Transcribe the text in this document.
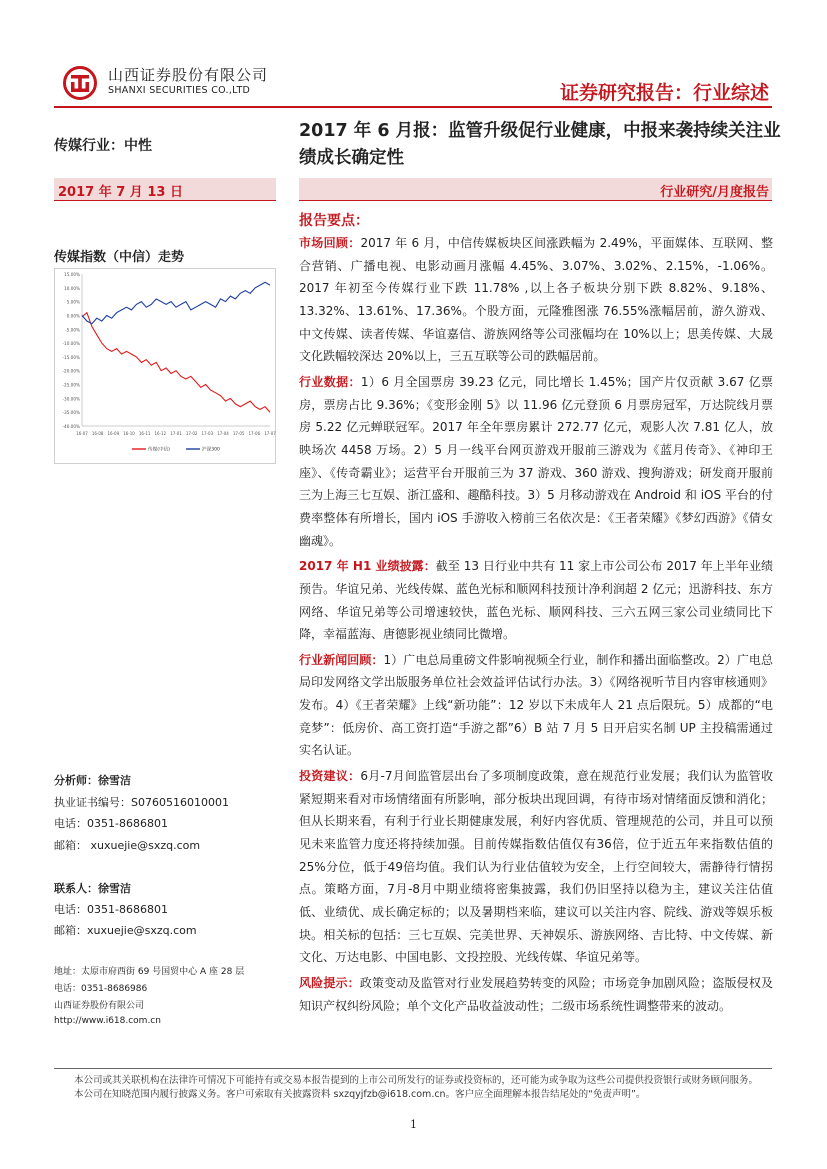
山西证券股份有限公司
SHANXI SECURITIES CO.,LTD	证券研究报告：行业综述
传媒行业：中性
2017 年 7 月 13 日
传媒指数（中信）走势
15.00%
10.00%
5.00%
0.00%
-5.00%
-10.00%
-15.00%
-20.00%
-25.00%
-30.00%
-35.00%
-40.00%
16-07 16-08 16-09 16-10 16-11 16-12 17-01 17-02 17-03 17-04 17-05 17-06 17-07
传媒(中信)	沪深300
分析师：徐雪洁
执业证书编号：S0760516010001
电话：0351-8686801
邮箱： xuxuejie@sxzq.com
联系人：徐雪洁
电话：0351-8686801
邮箱：xuxuejie@sxzq.com
地址：太原市府西街 69 号国贸中心 A 座 28 层
电话：0351-8686986
山西证券股份有限公司
http://www.i618.com.cn
2017 年 6 月报：监管升级促行业健康，中报来袭持续关注业绩成长确定性
行业研究/月度报告
报告要点：

市场回顾：2017 年 6 月，中信传媒板块区间涨跌幅为 2.49%，平面媒体、互联网、整合营销、广播电视、电影动画月涨幅 4.45%、3.07%、3.02%、2.15%，-1.06%。2017 年初至今传媒行业下跌 11.78% ,以上各子板块分别下跌 8.82%、9.18%、13.32%、13.61%、17.36%。个股方面，元隆雅图涨 76.55%涨幅居前，游久游戏、中文传媒、读者传媒、华谊嘉信、游族网络等公司涨幅均在 10%以上；思美传媒、大晟文化跌幅较深达 20%以上，三五互联等公司的跌幅居前。

行业数据：1）6 月全国票房 39.23 亿元，同比增长 1.45%；国产片仅贡献 3.67 亿票房，票房占比 9.36%；《变形金刚 5》以 11.96 亿元登顶 6 月票房冠军，万达院线月票房 5.22 亿元蝉联冠军。2017 年全年票房累计 272.77 亿元，观影人次 7.81 亿人，放映场次 4458 万场。2）5 月一线平台网页游戏开服前三游戏为《蓝月传奇》、《神印王座》、《传奇霸业》；运营平台开服前三为 37 游戏、360 游戏、搜狗游戏；研发商开服前三为上海三七互娱、浙江盛和、趣酷科技。3）5 月移动游戏在 Android 和 iOS 平台的付费率整体有所增长，国内 iOS 手游收入榜前三名依次是：《王者荣耀》《梦幻西游》《倩女幽魂》。

2017 年 H1 业绩披露：截至 13 日行业中共有 11 家上市公司公布 2017 年上半年业绩预告。华谊兄弟、光线传媒、蓝色光标和顺网科技预计净利润超 2 亿元；迅游科技、东方网络、华谊兄弟等公司增速较快，蓝色光标、顺网科技、三六五网三家公司业绩同比下降，幸福蓝海、唐德影视业绩同比微增。

行业新闻回顾：1）广电总局重磅文件影响视频全行业，制作和播出面临整改。2）广电总局印发网络文学出版服务单位社会效益评估试行办法。3）《网络视听节目内容审核通则》发布。4）《王者荣耀》上线“新功能”：12 岁以下未成年人 21 点后限玩。5）成都的“电竞梦”：低房价、高工资打造“手游之都”6）B 站 7 月 5 日开启实名制 UP 主投稿需通过实名认证。

投资建议：6月-7月间监管层出台了多项制度政策，意在规范行业发展；我们认为监管收紧短期来看对市场情绪面有所影响，部分板块出现回调，有待市场对情绪面反馈和消化；但从长期来看，有利于行业长期健康发展，利好内容优质、管理规范的公司，并且可以预见未来监管力度还将持续加强。目前传媒指数估值仅有36倍，位于近五年来指数估值的25%分位，低于49倍均值。我们认为行业估值较为安全，上行空间较大，需静待行情拐点。策略方面，7月-8月中期业绩将密集披露，我们仍旧坚持以稳为主，建议关注估值低、业绩优、成长确定标的；以及暑期档来临，建议可以关注内容、院线、游戏等娱乐板块。相关标的包括：三七互娱、完美世界、天神娱乐、游族网络、吉比特、中文传媒、新文化、万达电影、中国电影、文投控股、光线传媒、华谊兄弟等。

风险提示：政策变动及监管对行业发展趋势转变的风险；市场竞争加剧风险；盗版侵权及知识产权纠纷风险；单个文化产品收益波动性；二级市场系统性调整带来的波动。

本公司或其关联机构在法律许可情况下可能持有或交易本报告提到的上市公司所发行的证券或投资标的，还可能为或争取为这些公司提供投资银行或财务顾问服务。本公司在知晓范围内履行披露义务。客户可索取有关披露资料 sxzqyjfzb@i618.com.cn。客户应全面理解本报告结尾处的“免责声明”。
1
